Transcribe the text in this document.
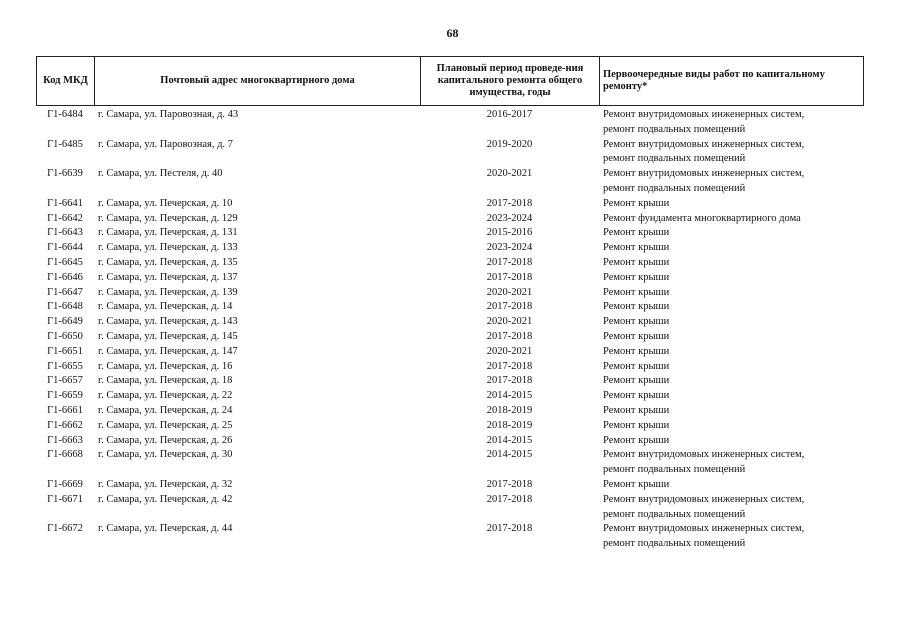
68
Код МКД	Почтовый адрес многоквартирного дома	Плановый период проведе-ния капитального ремонта общего имущества, годы	Первоочередные виды работ по капитальному ремонту*
Г1-6484	г. Самара, ул. Паровозная, д. 43	2016-2017	Ремонт внутридомовых инженерных систем,
ремонт подвальных помещений
Г1-6485	г. Самара, ул. Паровозная, д. 7	2019-2020	Ремонт внутридомовых инженерных систем,
ремонт подвальных помещений
Г1-6639	г. Самара, ул. Пестеля, д. 40	2020-2021	Ремонт внутридомовых инженерных систем,
ремонт подвальных помещений
Г1-6641	г. Самара, ул. Печерская, д. 10	2017-2018	Ремонт крыши
Г1-6642	г. Самара, ул. Печерская, д. 129	2023-2024	Ремонт фундамента многоквартирного дома
Г1-6643	г. Самара, ул. Печерская, д. 131	2015-2016	Ремонт крыши
Г1-6644	г. Самара, ул. Печерская, д. 133	2023-2024	Ремонт крыши
Г1-6645	г. Самара, ул. Печерская, д. 135	2017-2018	Ремонт крыши
Г1-6646	г. Самара, ул. Печерская, д. 137	2017-2018	Ремонт крыши
Г1-6647	г. Самара, ул. Печерская, д. 139	2020-2021	Ремонт крыши
Г1-6648	г. Самара, ул. Печерская, д. 14	2017-2018	Ремонт крыши
Г1-6649	г. Самара, ул. Печерская, д. 143	2020-2021	Ремонт крыши
Г1-6650	г. Самара, ул. Печерская, д. 145	2017-2018	Ремонт крыши
Г1-6651	г. Самара, ул. Печерская, д. 147	2020-2021	Ремонт крыши
Г1-6655	г. Самара, ул. Печерская, д. 16	2017-2018	Ремонт крыши
Г1-6657	г. Самара, ул. Печерская, д. 18	2017-2018	Ремонт крыши
Г1-6659	г. Самара, ул. Печерская, д. 22	2014-2015	Ремонт крыши
Г1-6661	г. Самара, ул. Печерская, д. 24	2018-2019	Ремонт крыши
Г1-6662	г. Самара, ул. Печерская, д. 25	2018-2019	Ремонт крыши
Г1-6663	г. Самара, ул. Печерская, д. 26	2014-2015	Ремонт крыши
Г1-6668	г. Самара, ул. Печерская, д. 30	2014-2015	Ремонт внутридомовых инженерных систем,
ремонт подвальных помещений
Г1-6669	г. Самара, ул. Печерская, д. 32	2017-2018	Ремонт крыши
Г1-6671	г. Самара, ул. Печерская, д. 42	2017-2018	Ремонт внутридомовых инженерных систем,
ремонт подвальных помещений
Г1-6672	г. Самара, ул. Печерская, д. 44	2017-2018	Ремонт внутридомовых инженерных систем,
ремонт подвальных помещений
